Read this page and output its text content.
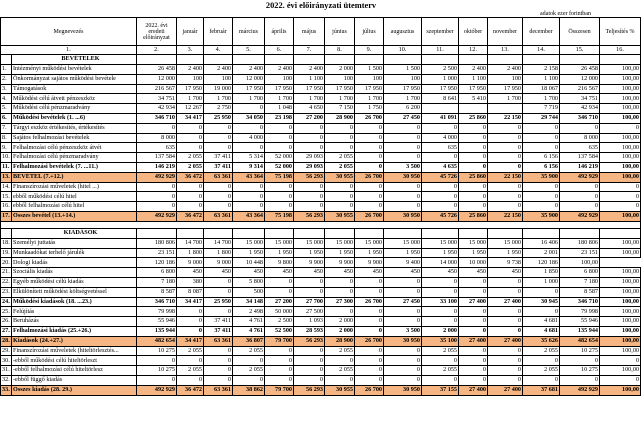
2022. évi előirányzati ütemterv
adatok ezer forintban
Megnevezés		2022. évi eredeti előirányzat	január	február	március	április	május	június	július	augusztus	szeptember	október	november	december	Összesen	Teljesítés %
1.		2.	3.	4.	5.	6.	7.	8.	9.	10.	11.	12.	13.	14.	15.	16.
	BEVÉTELEK															
1.	Intézményi működési bevételek	26 458	2 400	2 400	2 400	2 400	2 400	2 000	1 500	1 500	2 500	2 400	2 400	2 158	26 458	100,00
2.	Önkormányzat sajátos működési bevétele	12 000	100	100	12 000	100	1 100	100	100	100	1 000	1 100	100	1 100	12 000	100,00
3.	Támogatások	216 567	17 950	19 000	17 950	17 950	17 950	17 950	17 950	17 950	17 950	17 950	17 950	18 067	216 567	100,00
4.	Működési célú átvett pénzeszköz	34 751	1 700	1 700	1 700	1 700	1 700	1 700	1 700	1 700	8 641	5 410	1 700	1 700	34 751	100,00
5.	Működési célú pénzmaradvány	42 934	12 267	2 750	0	1 048	4 650	7 150	1 750	6 200				7 719	42 934	100,00
6.	Működési bevételek (1. ...6)	346 710	34 417	25 950	34 050	23 198	27 200	28 900	26 700	27 450	41 091	25 860	22 150	29 744	346 710	100,00
7.	Tárgyi eszköz értékesítés, értékesítés	0	0	0	0	0	0	0	0	0	0	0	0	0	0	0
8.	Sajátos felhalmozási bevételek	8 000	0	0	4 000	0	0	0	0	0	4 000	0	0	0	8 000	100,00
9.	Felhalmozási célú pénzeszköz átvét	635	0	0	0	0	0	0	0	0	635	0	0	0	635	100,00
10.	Felhalmozási célú pénzmaradvány	137 584	2 055	37 411	5 314	52 000	29 093	2 055	0	0	0	0	0	6 156	137 584	100,00
11.	Felhalmozási bevételek (7. ...11.)	146 219	2 055	37 411	9 314	52 000	29 093	2 055	0	3 500	4 635	0	0	6 156	146 219	100,00
13.	BEVÉTEL (7.+12.)	492 929	36 472	63 361	43 364	75 198	56 293	30 955	26 700	30 950	45 726	25 860	22 150	35 900	492 929	100,00
14.	Finanszírozási műveletek (hitel ...)	0	0	0	0	0	0	0	0	0	0	0	0	0	0	0
15.	ebből működési célú hitel	0	0	0	0	0	0	0	0	0	0	0	0	0	0	0
16.	ebből felhalmozási célú hitel	0	0	0	0	0	0	0	0	0	0	0	0	0	0	0
17.	Összes bevétel (13.+14.)	492 929	36 472	63 361	43 364	75 198	56 293	30 955	26 700	30 950	45 726	25 860	22 150	35 900	492 929	100,00

	KIADÁSOK															
18.	Személyi juttatás	180 806	14 700	14 700	15 000	15 000	15 000	15 000	15 000	15 000	15 000	15 000	15 000	16 406	180 806	100,00
19.	Munkaadókat terhelő járulék	23 151	1 800	1 800	1 950	1 950	1 950	1 950	1 950	1 950	1 950	1 950	1 950	2 001	23 151	100,00
20.	Dologi kiadás	120 186	9 000	9 000	10 448	9 800	9 900	9 900	9 900	9 400	14 000	10 000	9 738	120 186	100,00	
21.	Szociális kiadás	6 800	450	450	450	450	450	450	450	450	450	450	450	1 850	6 800	100,00
22.	Egyéb működési célú kiadás	7 180	380	0	5 800	0	0	0	0	0	0	0	0	1 000	7 180	100,00
23.	Elkülönített működési költségvetéssel	8 587	8 087	0	500	0	0	0	0	0	0	0	0	0	8 587	100,00
24.	Működési kiadások (18. ...23.)	346 710	34 417	25 950	34 148	27 200	27 700	27 300	26 700	27 450	33 100	27 400	27 400	30 945	346 710	100,00
25.	Felújítás	79 998	0	0	2 498	50 000	27 500	0	0	0	0	0	0	0	79 998	100,00
26.	Beruházás	55 946	0	37 411	4 761	2 500	1 093	2 000	0	0	0	0	0	4 681	55 946	100,00
27.	Felhalmozási kiadás (25.+26.)	135 944	0	37 411	4 761	52 500	28 593	2 000	0	3 500	2 000	0	0	4 681	135 944	100,00
28.	Kiadások (24.+27.)	482 654	34 417	63 361	36 807	79 700	56 293	28 900	26 700	30 950	35 100	27 400	27 400	35 626	482 654	100,00
29.	Finanszírozási műveletek (hiteltörlesztés...	10 275	2 055	0	2 055	0	0	2 055	0	0	2 055	0	0	2 055	10 275	100,00
30.	-ebből működési célú hiteltörleszt	0	0	0	0	0	0	0	0	0	0	0	0	0	0	0
31.	-ebből felhalmozási célú hiteltörlesz	10 275	2 055	0	2 055	0	0	2 055	0	0	2 055	0	0	2 055	10 275	100,00
32.	-ebből függő kiadás	0	0	0	0	0	0	0	0	0	0	0	0	0	0	0
33.	Összes kiadás (28. 29.)	492 929	36 472	63 361	38 862	79 700	56 293	30 955	26 700	30 950	37 155	27 400	27 400	37 681	492 929	100,00
